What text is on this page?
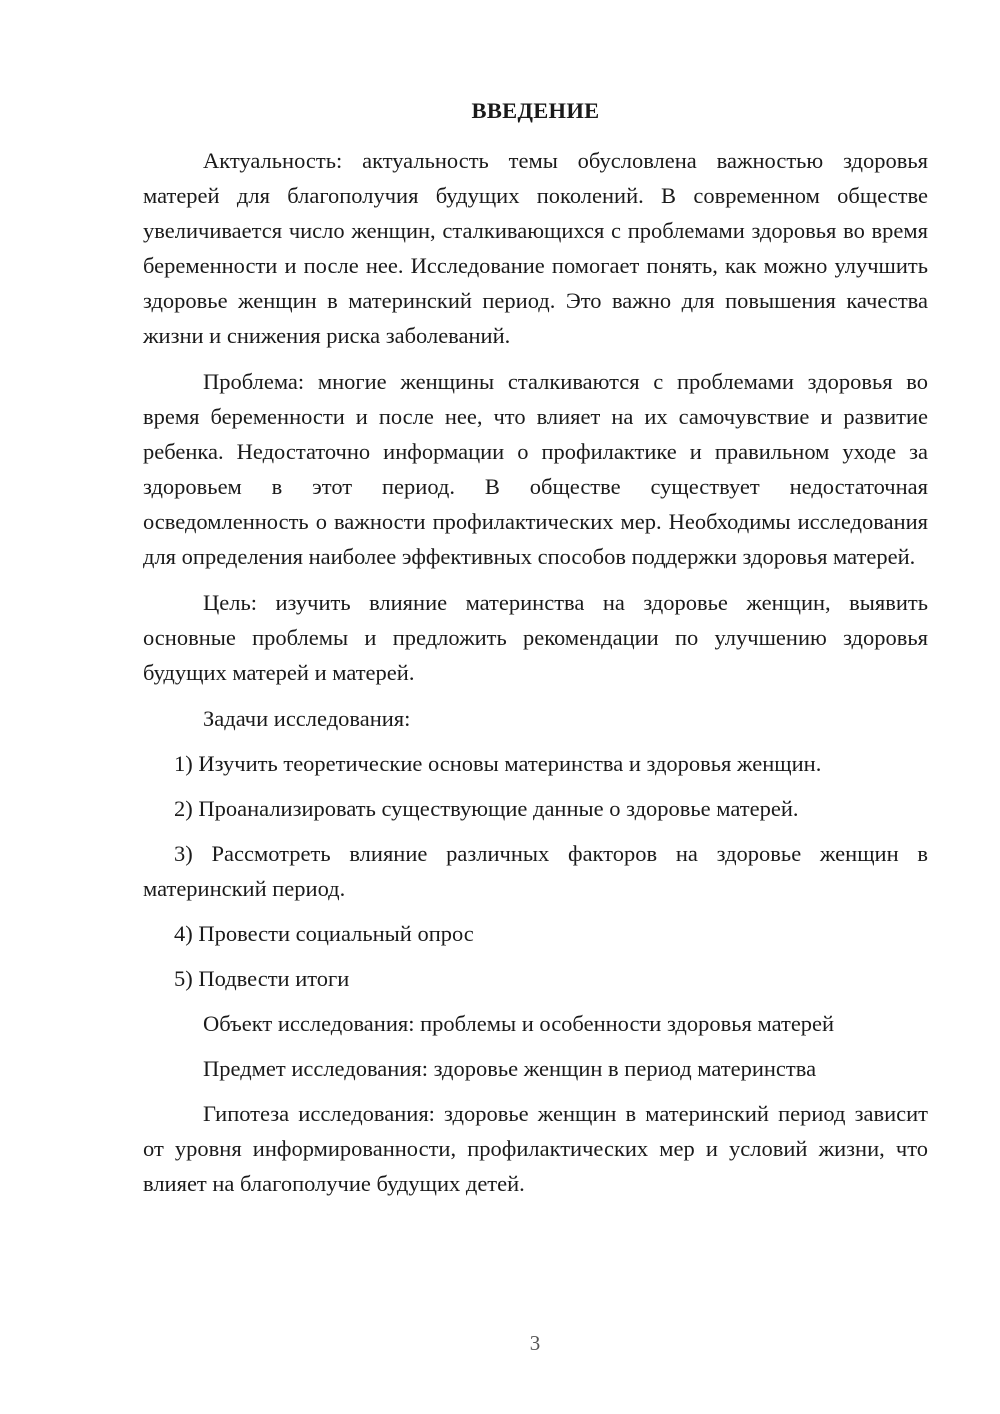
ВВЕДЕНИЕ

Актуальность: актуальность темы обусловлена важностью здоровья матерей для благополучия будущих поколений. В современном обществе увеличивается число женщин, сталкивающихся с проблемами здоровья во время беременности и после нее. Исследование помогает понять, как можно улучшить здоровье женщин в материнский период. Это важно для повышения качества жизни и снижения риска заболеваний.

Проблема: многие женщины сталкиваются с проблемами здоровья во время беременности и после нее, что влияет на их самочувствие и развитие ребенка. Недостаточно информации о профилактике и правильном уходе за здоровьем в этот период. В обществе существует недостаточная осведомленность о важности профилактических мер. Необходимы исследования для определения наиболее эффективных способов поддержки здоровья матерей.

Цель: изучить влияние материнства на здоровье женщин, выявить основные проблемы и предложить рекомендации по улучшению здоровья будущих матерей и матерей.

Задачи исследования:

1) Изучить теоретические основы материнства и здоровья женщин.

2) Проанализировать существующие данные о здоровье матерей.

3) Рассмотреть влияние различных факторов на здоровье женщин в материнский период.

4) Провести социальный опрос

5) Подвести итоги

Объект исследования: проблемы и особенности здоровья матерей

Предмет исследования: здоровье женщин в период материнства

Гипотеза исследования: здоровье женщин в материнский период зависит от уровня информированности, профилактических мер и условий жизни, что влияет на благополучие будущих детей.

3
